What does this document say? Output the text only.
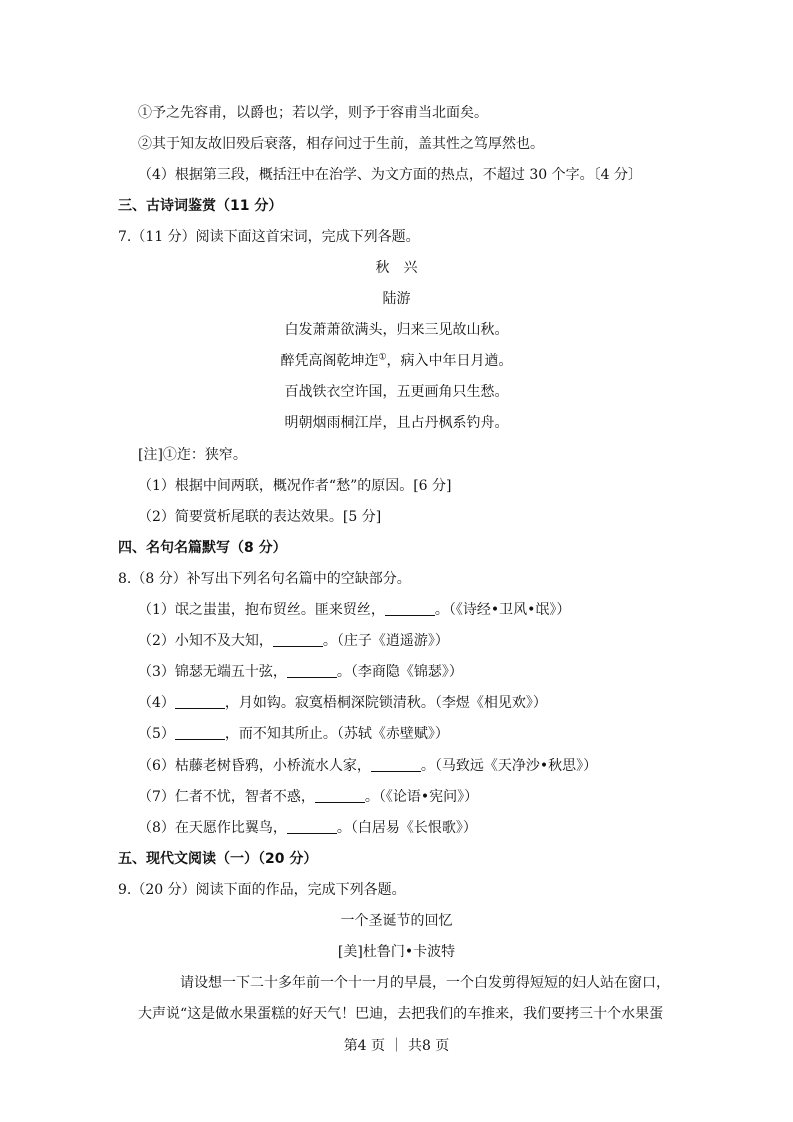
①予之先容甫，以爵也；若以学，则予于容甫当北面矣。
②其于知友故旧殁后衰落，相存问过于生前，盖其性之笃厚然也。
（4）根据第三段，概括汪中在治学、为文方面的热点，不超过 30 个字。〔4 分〕
三、古诗词鉴赏（11 分）
7.（11 分）阅读下面这首宋词，完成下列各题。
秋　兴
陆游
白发萧萧欲满头，归来三见故山秋。
醉凭高阁乾坤迮①，病入中年日月遒。
百战铁衣空许国，五更画角只生愁。
明朝烟雨桐江岸，且占丹枫系钓舟。
[注]①迮：狭窄。
（1）根据中间两联，概况作者“愁”的原因。[6 分]
（2）简要赏析尾联的表达效果。[5 分]
四、名句名篇默写（8 分）
8.（8 分）补写出下列名句名篇中的空缺部分。
（1）氓之蚩蚩，抱布贸丝。匪来贸丝，	。（《诗经•卫风•氓》）
（2）小知不及大知，	。（庄子《逍遥游》）
（3）锦瑟无端五十弦，	。（李商隐《锦瑟》）
（4）	，月如钩。寂寞梧桐深院锁清秋。（李煜《相见欢》）
（5）	，而不知其所止。（苏轼《赤壁赋》）
（6）枯藤老树昏鸦，小桥流水人家，	。（马致远《天净沙•秋思》）
（7）仁者不忧，智者不惑，	。（《论语•宪问》）
（8）在天愿作比翼鸟，	。（白居易《长恨歌》）
五、现代文阅读（一）（20 分）
9.（20 分）阅读下面的作品，完成下列各题。
一个圣诞节的回忆
[美]杜鲁门•卡波特
请设想一下二十多年前一个十一月的早晨，一个白发剪得短短的妇人站在窗口，
大声说“这是做水果蛋糕的好天气！巴迪，去把我们的车推来，我们要拷三十个水果蛋
第4 页 ｜ 共8 页
